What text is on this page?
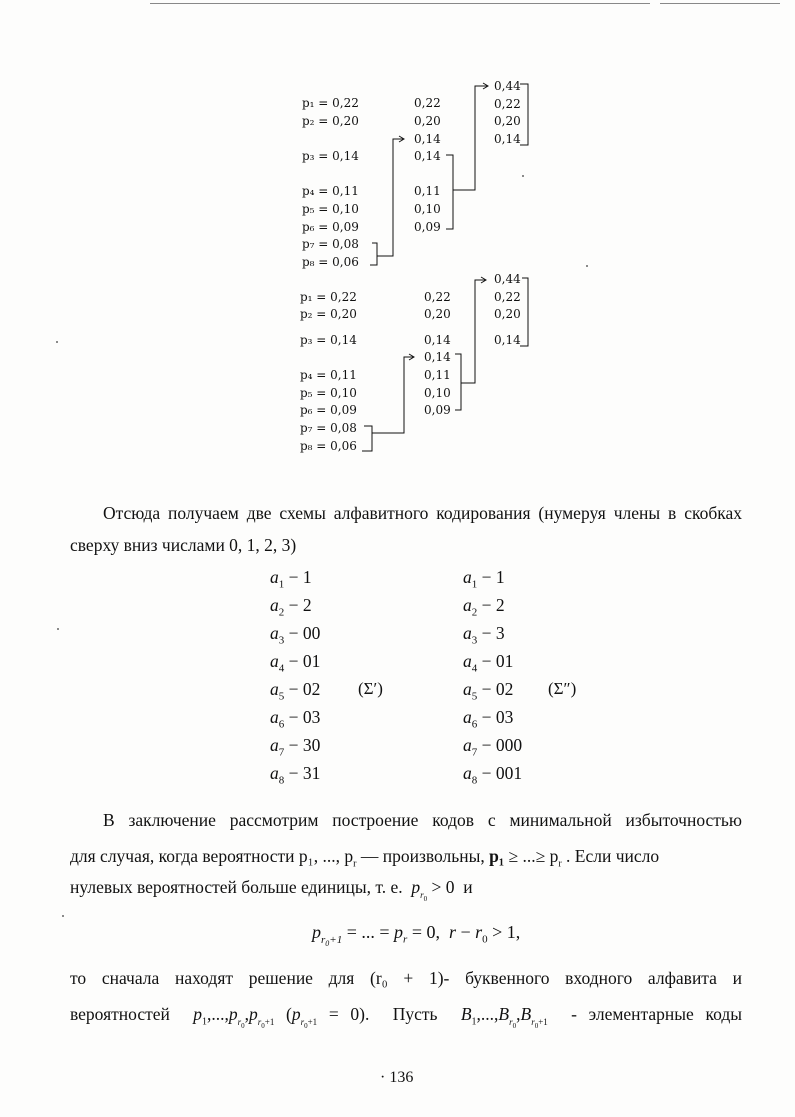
p₁ = 0,22
p₂ = 0,20
p₃ = 0,14
p₄ = 0,11
p₅ = 0,10
p₆ = 0,09
p₇ = 0,08
p₈ = 0,06
0,22
0,20
0,14
0,14
0,11
0,10
0,09
0,44
0,22
0,20
0,14
p₁ = 0,22
p₂ = 0,20
p₃ = 0,14
p₄ = 0,11
p₅ = 0,10
p₆ = 0,09
p₇ = 0,08
p₈ = 0,06
0,22
0,20
0,14
0,14
0,11
0,10
0,09
0,44
0,22
0,20
0,14
Отсюда получаем две схемы алфавитного кодирования (нумеруя члены в скобках сверху вниз числами 0, 1, 2, 3)
$a_1 - 1$
$a_2 - 2$
$a_3 - 00$
$a_4 - 01$
$a_5 - 02$
$a_6 - 03$
$a_7 - 30$
$a_8 - 31$
(Σ′)
$a_1 - 1$
$a_2 - 2$
$a_3 - 3$
$a_4 - 01$
$a_5 - 02$
$a_6 - 03$
$a_7 - 000$
$a_8 - 001$
(Σ″)
В заключение рассмотрим построение кодов с минимальной избыточностью
для случая, когда вероятности p₁, ..., $p_r$ — произвольны, p₁ ≥ ...≥ $p_r$ . Если число
нулевых вероятностей больше единицы, т. е. $p_{r_0} > 0$  и
$p_{r_0+1}$ = ... = $p_r = 0$,  $r - r_0 > 1$,
то сначала находят решение для (r₀ + 1)- буквенного входного алфавита и
вероятностей $p_1,...,p_{r_0},p_{r_0+1}$ $(p_{r_0+1} = 0)$.  Пусть $B_1,...,B_{r_0},B_{r_0+1}$ - элементарные коды
· 136
